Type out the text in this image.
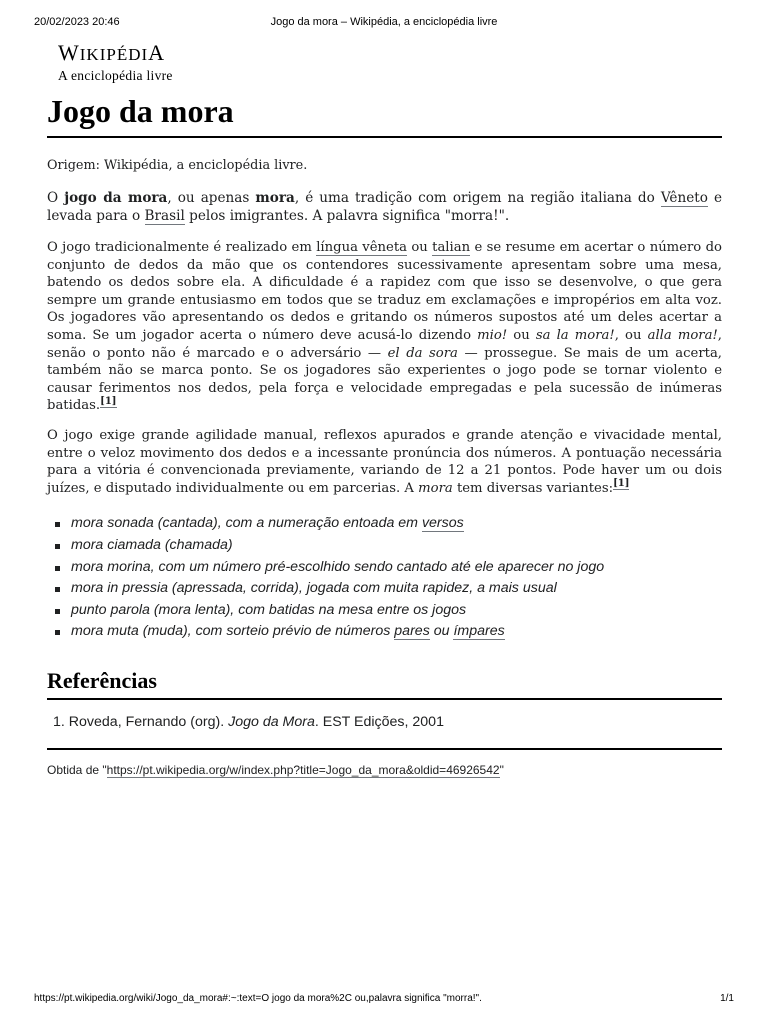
20/02/2023 20:46	Jogo da mora – Wikipédia, a enciclopédia livre
WIKIPÉDIA
A enciclopédia livre
Jogo da mora
Origem: Wikipédia, a enciclopédia livre.

O jogo da mora, ou apenas mora, é uma tradição com origem na região italiana do Vêneto e levada para o Brasil pelos imigrantes. A palavra significa "morra!".

O jogo tradicionalmente é realizado em língua vêneta ou talian e se resume em acertar o número do conjunto de dedos da mão que os contendores sucessivamente apresentam sobre uma mesa, batendo os dedos sobre ela. A dificuldade é a rapidez com que isso se desenvolve, o que gera sempre um grande entusiasmo em todos que se traduz em exclamações e impropérios em alta voz. Os jogadores vão apresentando os dedos e gritando os números supostos até um deles acertar a soma. Se um jogador acerta o número deve acusá-lo dizendo mio! ou sa la mora!, ou alla mora!, senão o ponto não é marcado e o adversário — el da sora — prossegue. Se mais de um acerta, também não se marca ponto. Se os jogadores são experientes o jogo pode se tornar violento e causar ferimentos nos dedos, pela força e velocidade empregadas e pela sucessão de inúmeras batidas.[1]

O jogo exige grande agilidade manual, reflexos apurados e grande atenção e vivacidade mental, entre o veloz movimento dos dedos e a incessante pronúncia dos números. A pontuação necessária para a vitória é convencionada previamente, variando de 12 a 21 pontos. Pode haver um ou dois juízes, e disputado individualmente ou em parcerias. A mora tem diversas variantes:[1]

mora sonada (cantada), com a numeração entoada em versos
mora ciamada (chamada)
mora morina, com um número pré-escolhido sendo cantado até ele aparecer no jogo
mora in pressia (apressada, corrida), jogada com muita rapidez, a mais usual
punto parola (mora lenta), com batidas na mesa entre os jogos
mora muta (muda), com sorteio prévio de números pares ou ímpares
Referências
1. Roveda, Fernando (org). Jogo da Mora. EST Edições, 2001
Obtida de "https://pt.wikipedia.org/w/index.php?title=Jogo_da_mora&oldid=46926542"
https://pt.wikipedia.org/wiki/Jogo_da_mora#:~:text=O jogo da mora%2C ou,palavra significa "morra!".	1/1
